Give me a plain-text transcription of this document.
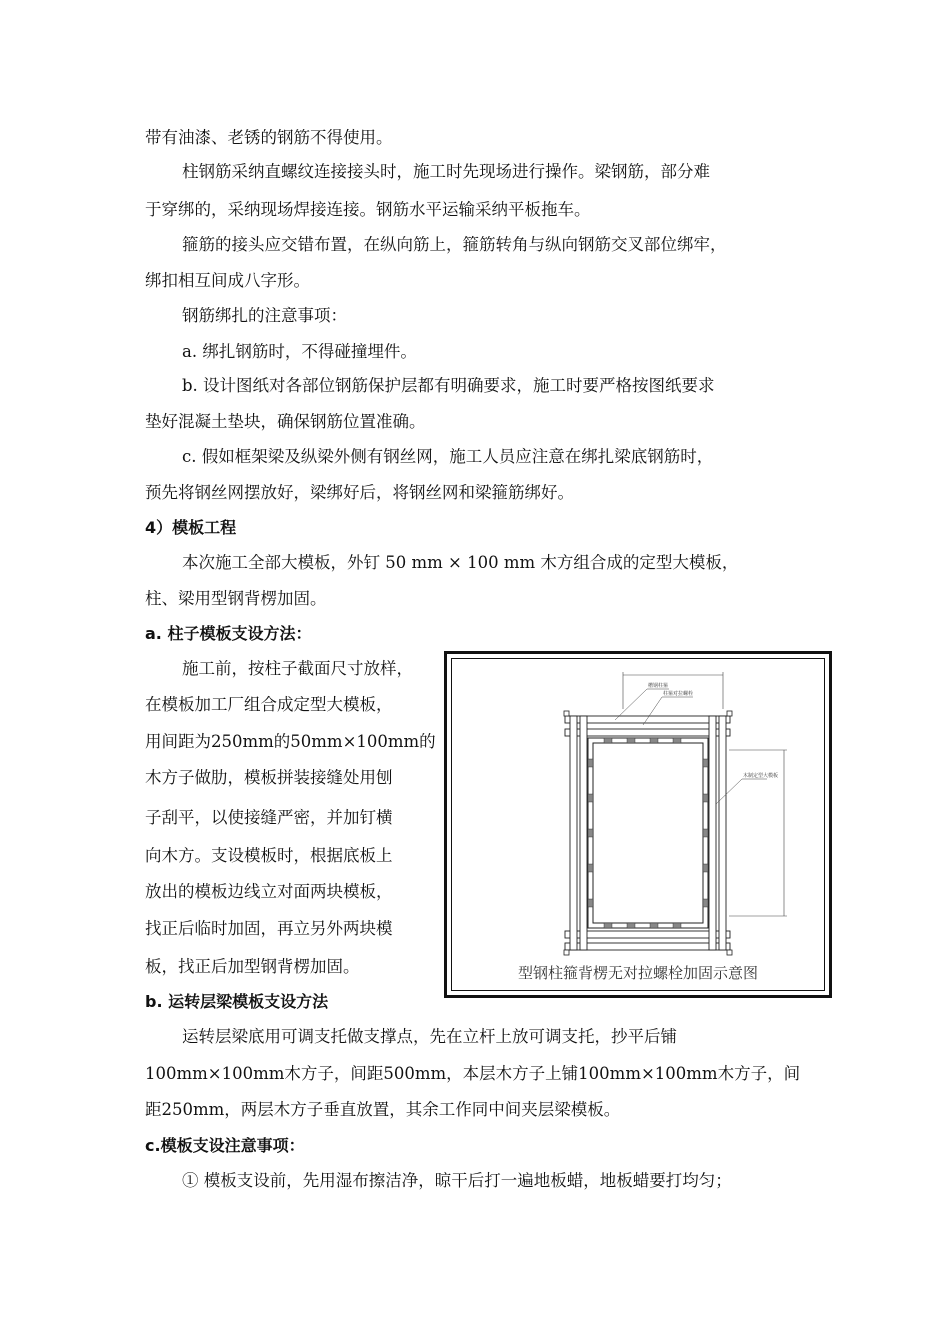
带有油漆、老锈的钢筋不得使用。
柱钢筋采纳直螺纹连接接头时，施工时先现场进行操作。梁钢筋，部分难
于穿绑的，采纳现场焊接连接。钢筋水平运输采纳平板拖车。
箍筋的接头应交错布置，在纵向筋上，箍筋转角与纵向钢筋交叉部位绑牢，
绑扣相互间成八字形。
钢筋绑扎的注意事项：
a. 绑扎钢筋时，不得碰撞埋件。
b. 设计图纸对各部位钢筋保护层都有明确要求，施工时要严格按图纸要求
垫好混凝土垫块，确保钢筋位置准确。
c. 假如框架梁及纵梁外侧有钢丝网，施工人员应注意在绑扎梁底钢筋时，
预先将钢丝网摆放好，梁绑好后，将钢丝网和梁箍筋绑好。
4）模板工程
本次施工全部大模板，外钉 50 mm × 100 mm 木方组合成的定型大模板，
柱、梁用型钢背楞加固。
a. 柱子模板支设方法：
施工前，按柱子截面尺寸放样，
在模板加工厂组合成定型大模板，
用间距为250mm的50mm×100mm的
木方子做肋，模板拼装接缝处用刨
子刮平，以使接缝严密，并加钉横
向木方。支设模板时，根据底板上
放出的模板边线立对面两块模板，
找正后临时加固，再立另外两块模
板，找正后加型钢背楞加固。
b. 运转层梁模板支设方法
运转层梁底用可调支托做支撑点，先在立杆上放可调支托，抄平后铺
100mm×100mm木方子，间距500mm，本层木方子上铺100mm×100mm木方子，间
距250mm，两层木方子垂直放置，其余工作同中间夹层梁模板。
c.模板支设注意事项：
① 模板支设前，先用湿布擦洁净，晾干后打一遍地板蜡，地板蜡要打均匀；
槽钢柱箍
柱箍对拉螺栓
木制定型大模板
型钢柱箍背楞无对拉螺栓加固示意图
